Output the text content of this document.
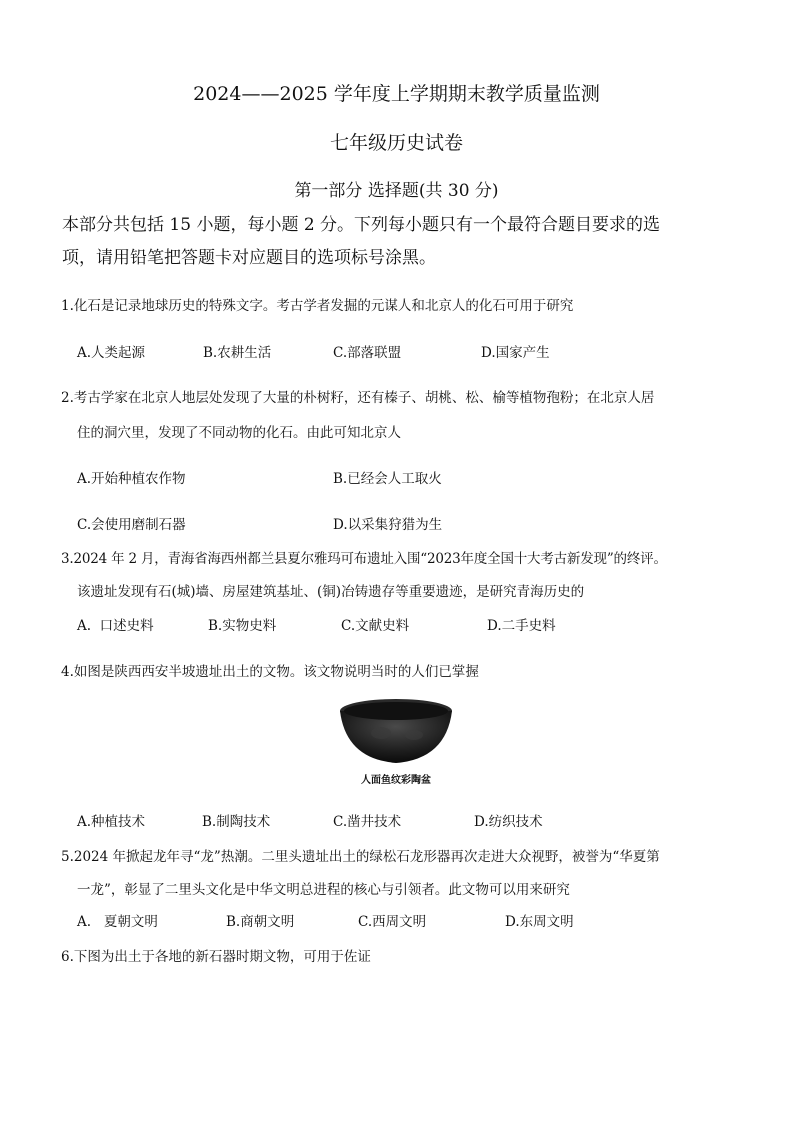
2024——2025 学年度上学期期末教学质量监测
七年级历史试卷
第一部分 选择题(共 30 分)
本部分共包括 15 小题，每小题 2 分。下列每小题只有一个最符合题目要求的选
项，请用铅笔把答题卡对应题目的选项标号涂黑。
1.化石是记录地球历史的特殊文字。考古学者发掘的元谋人和北京人的化石可用于研究
A.人类起源	B.农耕生活	C.部落联盟	D.国家产生
2.考古学家在北京人地层处发现了大量的朴树籽，还有榛子、胡桃、松、榆等植物孢粉；在北京人居
住的洞穴里，发现了不同动物的化石。由此可知北京人
A.开始种植农作物	B.已经会人工取火
C.会使用磨制石器	D.以采集狩猎为生
3.2024 年 2 月，青海省海西州都兰县夏尔雅玛可布遗址入围“2023年度全国十大考古新发现”的终评。
该遗址发现有石(城)墙、房屋建筑基址、(铜)冶铸遗存等重要遗迹，是研究青海历史的
A.  口述史料	B.实物史料	C.文献史料	D.二手史料
4.如图是陕西西安半坡遗址出土的文物。该文物说明当时的人们已掌握
人面鱼纹彩陶盆
A.种植技术	B.制陶技术	C.凿井技术	D.纺织技术
5.2024 年掀起龙年寻“龙”热潮。二里头遗址出土的绿松石龙形器再次走进大众视野，被誉为“华夏第
一龙”，彰显了二里头文化是中华文明总进程的核心与引领者。此文物可以用来研究
A.   夏朝文明	B.商朝文明	C.西周文明	D.东周文明
6.下图为出土于各地的新石器时期文物，可用于佐证
